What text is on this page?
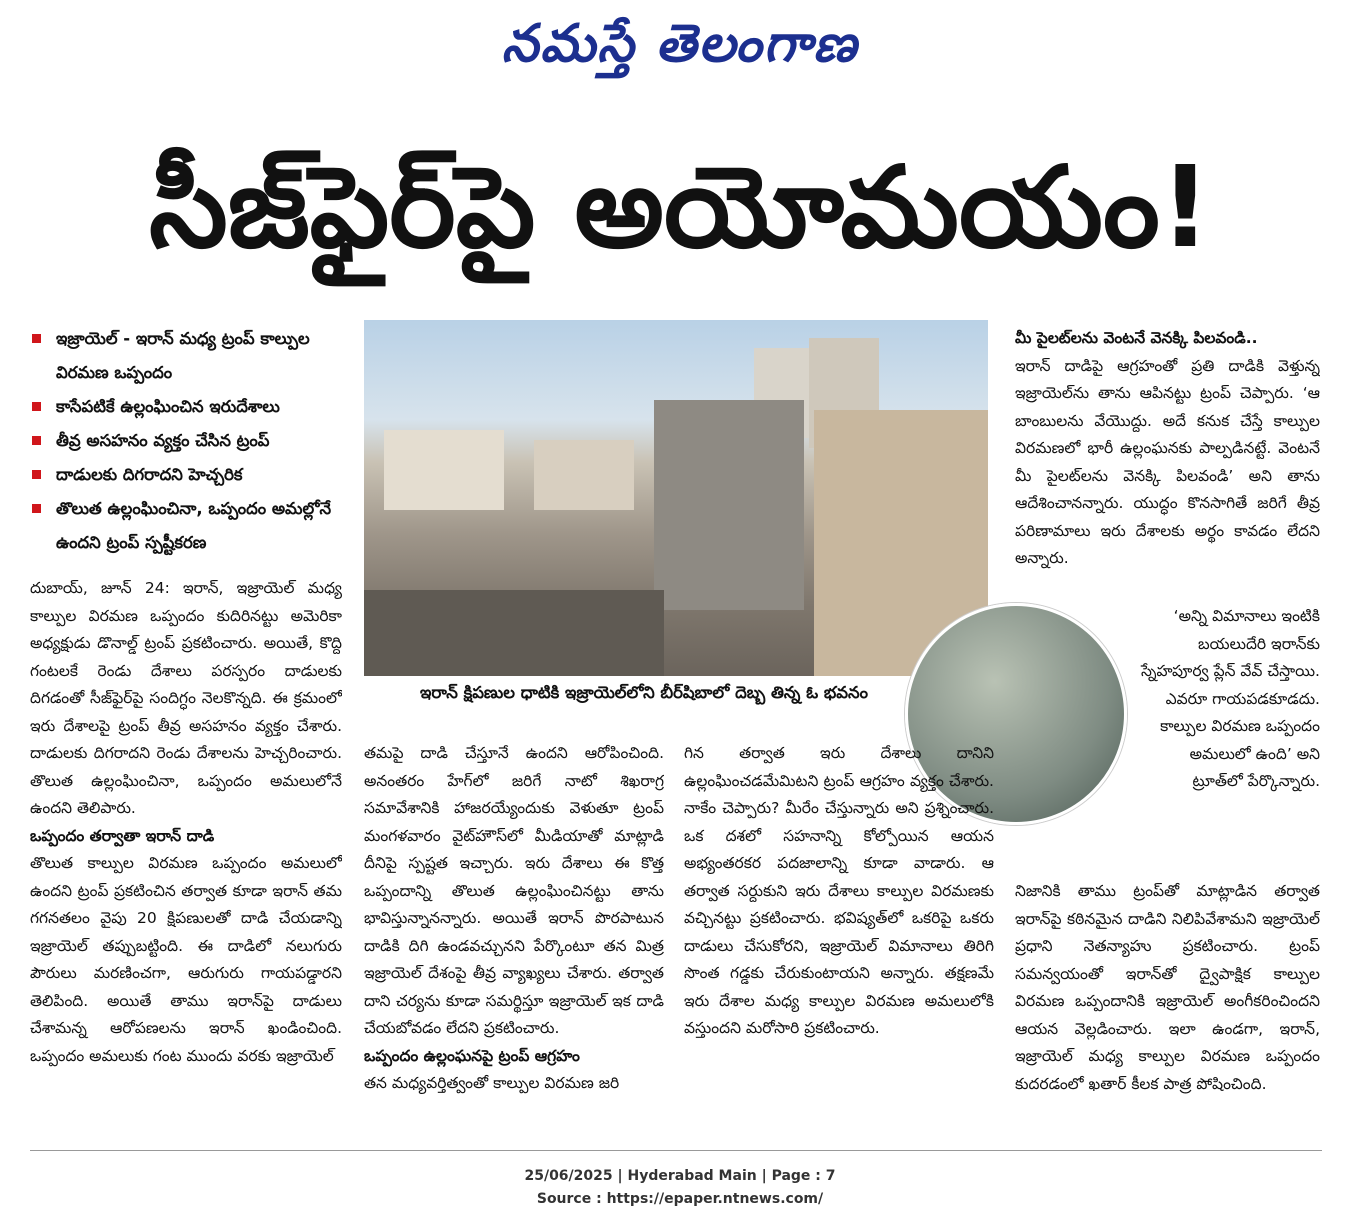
నమస్తే తెలంగాణ
సీజ్‌ఫైర్‌పై అయోమయం!
ఇజ్రాయెల్ - ఇరాన్ మధ్య ట్రంప్ కాల్పుల విరమణ ఒప్పందం
కాసేపటికే ఉల్లంఘించిన ఇరుదేశాలు
తీవ్ర అసహనం వ్యక్తం చేసిన ట్రంప్
దాడులకు దిగరాదని హెచ్చరిక
తొలుత ఉల్లంఘించినా, ఒప్పందం అమల్లోనే ఉందని ట్రంప్ స్పష్టీకరణ
ఇరాన్ క్షిపణుల ధాటికి ఇజ్రాయెల్‌లోని బీర్‌షిబాలో దెబ్బ తిన్న ఓ భవనం

దుబాయ్, జూన్ 24: ఇరాన్, ఇజ్రాయెల్ మధ్య కాల్పుల విరమణ ఒప్పందం కుదిరినట్టు అమెరికా అధ్యక్షుడు డొనాల్డ్ ట్రంప్ ప్రకటించారు. అయితే, కొద్ది గంటలకే రెండు దేశాలు పరస్పరం దాడులకు దిగడంతో సీజ్‌ఫైర్‌పై సందిగ్ధం నెలకొన్నది. ఈ క్రమంలో ఇరు దేశాలపై ట్రంప్ తీవ్ర అసహనం వ్యక్తం చేశారు. దాడులకు దిగరాదని రెండు దేశాలను హెచ్చరించారు. తొలుత ఉల్లంఘించినా, ఒప్పందం అమలులోనే ఉందని తెలిపారు.

ఒప్పందం తర్వాతా ఇరాన్ దాడి

తొలుత కాల్పుల విరమణ ఒప్పందం అమలులో ఉందని ట్రంప్ ప్రకటించిన తర్వాత కూడా ఇరాన్ తమ గగనతలం వైపు 20 క్షిపణులతో దాడి చేయడాన్ని ఇజ్రాయెల్ తప్పుబట్టింది. ఈ దాడిలో నలుగురు పౌరులు మరణించగా, ఆరుగురు గాయపడ్డారని తెలిపింది. అయితే తాము ఇరాన్‌పై దాడులు చేశామన్న ఆరోపణలను ఇరాన్ ఖండించింది. ఒప్పందం అమలుకు గంట ముందు వరకు ఇజ్రాయెల్

తమపై దాడి చేస్తూనే ఉందని ఆరోపించింది. అనంతరం హేగ్‌లో జరిగే నాటో శిఖరాగ్ర సమావేశానికి హాజరయ్యేందుకు వెళుతూ ట్రంప్ మంగళవారం వైట్‌హౌస్‌లో మీడియాతో మాట్లాడి దీనిపై స్పష్టత ఇచ్చారు. ఇరు దేశాలు ఈ కొత్త ఒప్పందాన్ని తొలుత ఉల్లంఘించినట్టు తాను భావిస్తున్నానన్నారు. అయితే ఇరాన్ పొరపాటున దాడికి దిగి ఉండవచ్చునని పేర్కొంటూ తన మిత్ర ఇజ్రాయెల్ దేశంపై తీవ్ర వ్యాఖ్యలు చేశారు. తర్వాత దాని చర్యను కూడా సమర్థిస్తూ ఇజ్రాయెల్ ఇక దాడి చేయబోవడం లేదని ప్రకటించారు.

ఒప్పందం ఉల్లంఘనపై ట్రంప్ ఆగ్రహం

తన మధ్యవర్తిత్వంతో కాల్పుల విరమణ జరి

గిన తర్వాత ఇరు దేశాలు దానిని ఉల్లంఘించడమేమిటని ట్రంప్ ఆగ్రహం వ్యక్తం చేశారు. నాకేం చెప్పారు? మీరేం చేస్తున్నారు అని ప్రశ్నించారు. ఒక దశలో సహనాన్ని కోల్పోయిన ఆయన అభ్యంతరకర పదజాలాన్ని కూడా వాడారు. ఆ తర్వాత సర్దుకుని ఇరు దేశాలు కాల్పుల విరమణకు వచ్చినట్టు ప్రకటించారు. భవిష్యత్‌లో ఒకరిపై ఒకరు దాడులు చేసుకోరని, ఇజ్రాయెల్ విమానాలు తిరిగి సొంత గడ్డకు చేరుకుంటాయని అన్నారు. తక్షణమే ఇరు దేశాల మధ్య కాల్పుల విరమణ అమలులోకి వస్తుందని మరోసారి ప్రకటించారు.

మీ పైలట్‌లను వెంటనే వెనక్కి పిలవండి..

ఇరాన్ దాడిపై ఆగ్రహంతో ప్రతి దాడికి వెళ్తున్న ఇజ్రాయెల్‌ను తాను ఆపినట్టు ట్రంప్ చెప్పారు. ‘ఆ బాంబులను వేయొద్దు. అదే కనుక చేస్తే కాల్పుల విరమణలో భారీ ఉల్లంఘనకు పాల్పడినట్టే. వెంటనే మీ పైలట్‌లను వెనక్కి పిలవండి’ అని తాను ఆదేశించానన్నారు. యుద్ధం కొనసాగితే జరిగే తీవ్ర పరిణామాలు ఇరు దేశాలకు అర్థం కావడం లేదని అన్నారు.

‘అన్ని విమానాలు ఇంటికి బయలుదేరి ఇరాన్‌కు స్నేహపూర్వ ప్లేన్ వేవ్ చేస్తాయి. ఎవరూ గాయపడకూడదు. కాల్పుల విరమణ ఒప్పందం అమలులో ఉంది’ అని ట్రూత్‌లో పేర్కొన్నారు.

నిజానికి తాము ట్రంప్‌తో మాట్లాడిన తర్వాత ఇరాన్‌పై కఠినమైన దాడిని నిలిపివేశామని ఇజ్రాయెల్ ప్రధాని నెతన్యాహు ప్రకటించారు. ట్రంప్ సమన్వయంతో ఇరాన్‌తో ద్వైపాక్షిక కాల్పుల విరమణ ఒప్పందానికి ఇజ్రాయెల్ అంగీకరించిందని ఆయన వెల్లడించారు. ఇలా ఉండగా, ఇరాన్, ఇజ్రాయెల్ మధ్య కాల్పుల విరమణ ఒప్పందం కుదరడంలో ఖతార్ కీలక పాత్ర పోషించింది.

25/06/2025 | Hyderabad Main | Page : 7
Source : https://epaper.ntnews.com/
